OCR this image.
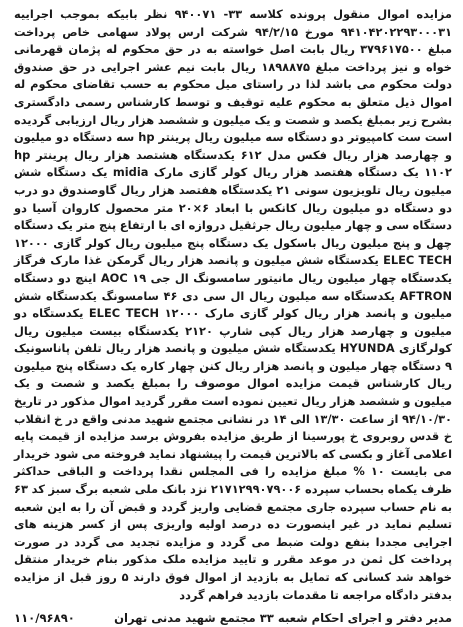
مزایده اموال منقول پرونده کلاسه ۳۳- ۹۴۰۰۷۱ نظر بابیکه بموجب اجراییه ۹۴۱۰۴۲۰۲۲۹۳۰۰۰۳۱ مورخ ۹۴/۲/۱۵ شرکت ارس پولاد سهامی خاص پرداخت مبلغ ۳۷۹۶۱۷۵۰۰ ریال بابت اصل خواسته به در حق محکوم له پژمان قهرمانی خواه و نیز پرداخت مبلغ ۱۸۹۸۸۷۵ ریال بابت نیم عشر اجرایی در حق صندوق دولت محکوم می باشد لذا در راستای میل محکوم به حسب تقاضای محکوم له اموال ذیل متعلق به محکوم علیه توقیف و توسط کارشناس رسمی دادگستری بشرح زیر بمبلغ یکصد و شصت و یک میلیون و ششصد هزار ریال ارزیابی گردیده است ست کامپیوتر دو دستگاه سه میلیون ریال پرینتر hp سه دستگاه دو میلیون و چهارصد هزار ریال فکس مدل ۶۱۲ یکدستگاه هشتصد هزار ریال پرینتر hp ۱۱۰۲ یک دستگاه هفتصد هزار ریال کولر گازی مارک midia یک دستگاه شش میلیون ریال تلویزیون سونی ۲۱ یکدستگاه هفتصد هزار ریال گاوصندوق دو درب دو دستگاه دو میلیون ریال کانکس با ابعاد ۶×۲۰ متر محصول کاروان آسیا دو دستگاه سی و چهار میلیون ریال جرثقیل دروازه ای با ارتفاع پنج متر یک دستگاه چهل و پنج میلیون ریال باسکول یک دستگاه پنج میلیون ریال کولر گازی ۱۲۰۰۰ ELEC TECH یکدستگاه شش میلیون و پانصد هزار ریال گرمکن غذا مارک فرگاز یکدستگاه چهار میلیون ریال مانیتور سامسونگ ال جی AOC ۱۹ اینچ دو دستگاه AFTRON یکدستگاه سه میلیون ریال ال سی دی ۴۶ سامسونگ یکدستگاه شش میلیون و پانصد هزار ریال کولر گازی مارک ۱۲۰۰۰ ELEC TECH یکدستگاه دو میلیون و چهارصد هزار ریال کپی شارپ ۲۱۲۰ یکدستگاه بیست میلیون ریال کولرگازی HYUNDA یکدستگاه شش میلیون و پانصد هزار ریال تلفن پاناسونیک ۹ دستگاه چهار میلیون و پانصد هزار ریال کنن چهار کاره یک دستگاه پنج میلیون ریال کارشناس قیمت مزایده اموال موصوف را بمبلغ یکصد و شصت و یک میلیون و ششصد هزار ریال تعیین نموده است مقرر گردید اموال مذکور در تاریخ ۹۴/۱۰/۳۰ از ساعت ۱۳/۳۰ الی ۱۴ در نشانی مجتمع شهید مدنی واقع در خ انقلاب خ قدس روبروی خ پورسینا از طریق مزایده بفروش برسد مزایده از قیمت پایه اعلامی آغاز و بکسی که بالاترین قیمت را پیشنهاد نماید فروخته می شود خریدار می بایست ۱۰ % مبلغ مزایده را فی المجلس نقدا پرداخت و الباقی حداکثر ظرف یکماه بحساب سپرده ۲۱۷۱۲۹۹۰۷۹۰۰۶ نزد بانک ملی شعبه برگ سبز کد ۶۳ به نام حساب سپرده جاری مجتمع قضایی واریز گردد و قبض آن را به این شعبه تسلیم نماید در غیر اینصورت ده درصد اولیه واریزی پس از کسر هزینه های اجرایی مجددا بنفع دولت ضبط می گردد و مزایده تجدید می گردد در صورت پرداخت کل ثمن در موعد مقرر و تایید مزایده ملک مذکور بنام خریدار منتقل خواهد شد کسانی که تمایل به بازدید از اموال فوق دارند ۵ روز قبل از مزایده بدفتر دادگاه مراجعه تا مقدمات بازدید فراهم گردد

مدیر دفتر و اجرای احکام شعبه ۳۳ مجتمع شهید مدنی تهران
۱۱۰/۹۶۸۹۰
